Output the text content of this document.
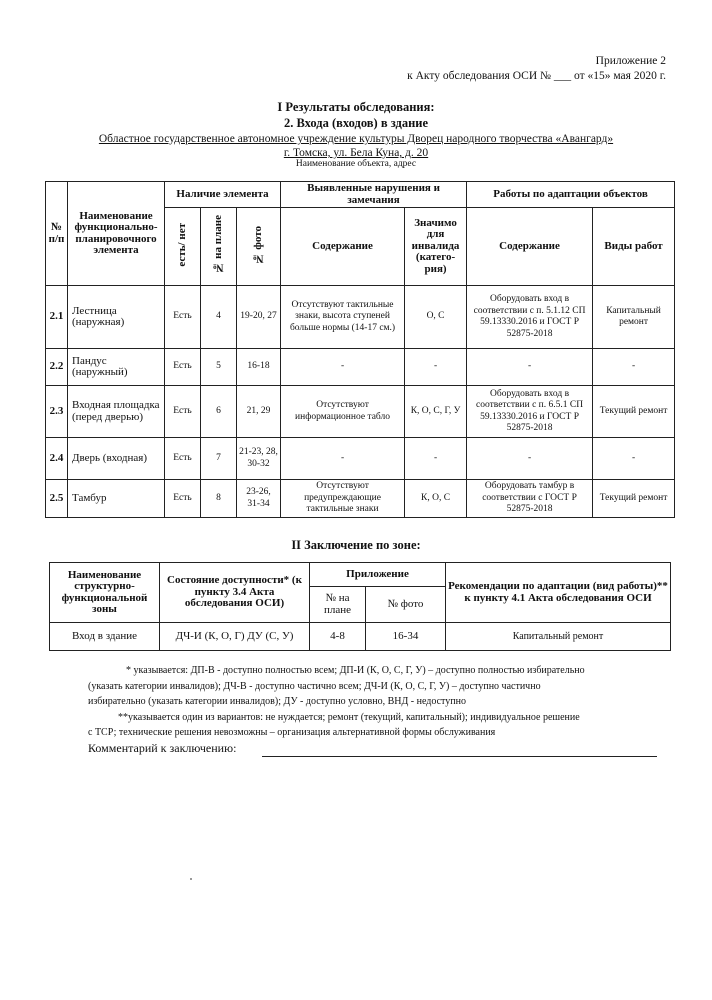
Приложение 2
к Акту обследования ОСИ № ___ от «15» мая 2020 г.
I Результаты обследования:
2. Входа (входов) в здание
Областное государственное автономное учреждение культуры Дворец народного творчества «Авангард»
г. Томска, ул. Бела Куна, д. 20
Наименование объекта, адрес
№ п/п	Наименование функционально-планировочного элемента	Наличие элемента			Выявленные нарушения и замечания		Работы по адаптации объектов	
		есть/ нет	№ на плане	№ фото	Содержание	Значимо для инвалида (катего-рия)	Содержание	Виды работ
2.1	Лестница (наружная)	Есть	4	19-20, 27	Отсутствуют тактильные знаки, высота ступеней больше нормы (14-17 см.)	О, С	Оборудовать вход в соответствии с п. 5.1.12 СП 59.13330.2016 и ГОСТ Р 52875-2018	Капитальный ремонт
2.2	Пандус (наружный)	Есть	5	16-18	-	-	-	-
2.3	Входная площадка (перед дверью)	Есть	6	21, 29	Отсутствуют информационное табло	К, О, С, Г, У	Оборудовать вход в соответствии с п. 6.5.1 СП 59.13330.2016 и ГОСТ Р 52875-2018	Текущий ремонт
2.4	Дверь (входная)	Есть	7	21-23, 28, 30-32	-	-	-	-
2.5	Тамбур	Есть	8	23-26, 31-34	Отсутствуют предупреждающие тактильные знаки	К, О, С	Оборудовать тамбур в соответствии с ГОСТ Р 52875-2018	Текущий ремонт
II Заключение по зоне:
Наименование структурно-функциональной зоны	Состояние доступности* (к пункту 3.4 Акта обследования ОСИ)	Приложение		Рекомендации по адаптации (вид работы)** к пункту 4.1 Акта обследования ОСИ
		№ на плане	№ фото	
Вход в здание	ДЧ-И (К, О, Г) ДУ (С, У)	4-8	16-34	Капитальный ремонт
* указывается: ДП-В - доступно полностью всем; ДП-И (К, О, С, Г, У) – доступно полностью избирательно
(указать категории инвалидов); ДЧ-В - доступно частично всем; ДЧ-И (К, О, С, Г, У) – доступно частично
избирательно (указать категории инвалидов); ДУ - доступно условно, ВНД - недоступно
**указывается один из вариантов: не нуждается; ремонт (текущий, капитальный); индивидуальное решение
с ТСР; технические решения невозможны – организация альтернативной формы обслуживания
Комментарий к заключению:
